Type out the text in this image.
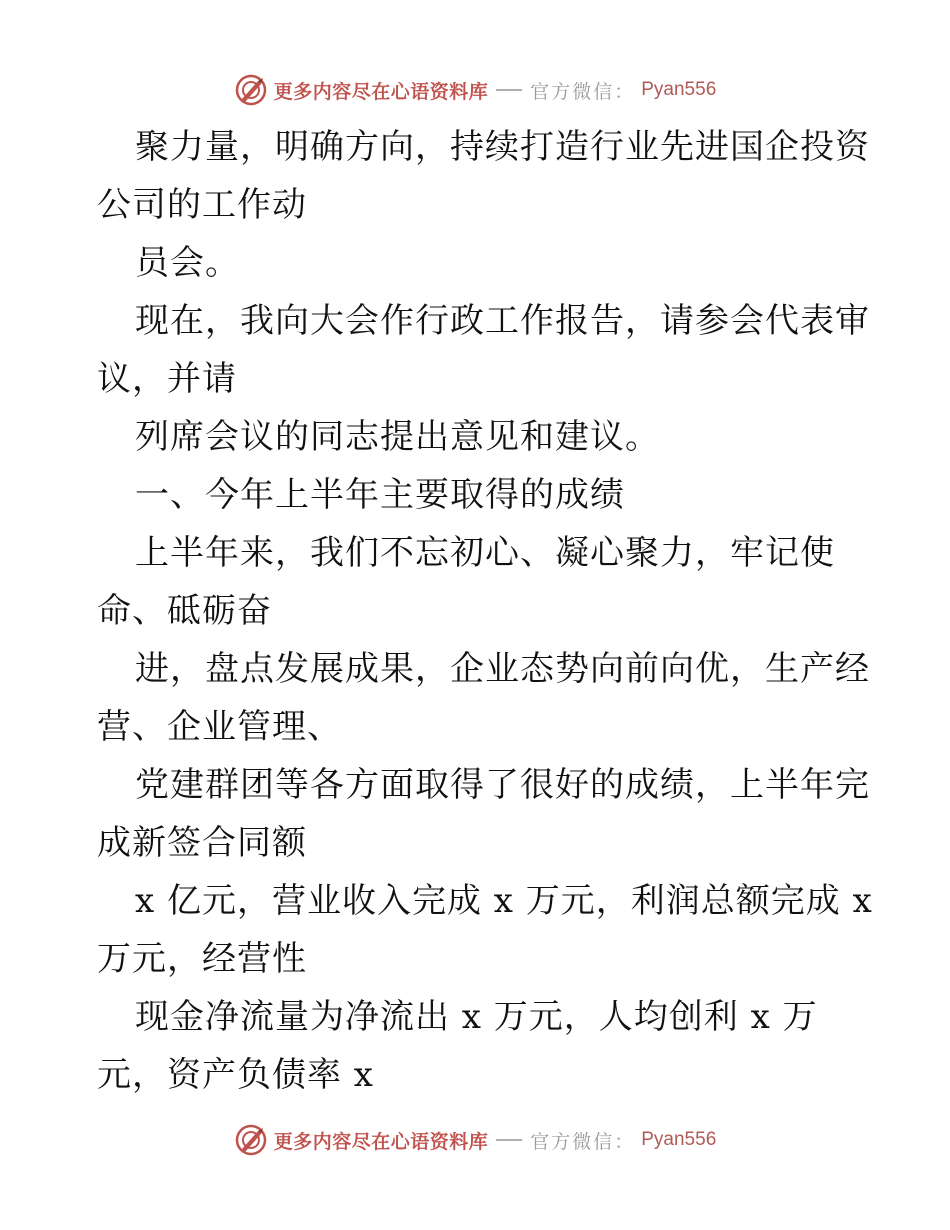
更多内容尽在心语资料库 官方微信： Pyan556
聚力量，明确方向，持续打造行业先进国企投资
公司的工作动
员会。
现在，我向大会作行政工作报告，请参会代表审
议，并请
列席会议的同志提出意见和建议。
一、今年上半年主要取得的成绩
上半年来，我们不忘初心、凝心聚力，牢记使
命、砥砺奋
进，盘点发展成果，企业态势向前向优，生产经
营、企业管理、
党建群团等各方面取得了很好的成绩，上半年完
成新签合同额
x 亿元，营业收入完成 x 万元，利润总额完成 x
万元，经营性
现金净流量为净流出 x 万元，人均创利 x 万
元，资产负债率 x
更多内容尽在心语资料库 官方微信： Pyan556
